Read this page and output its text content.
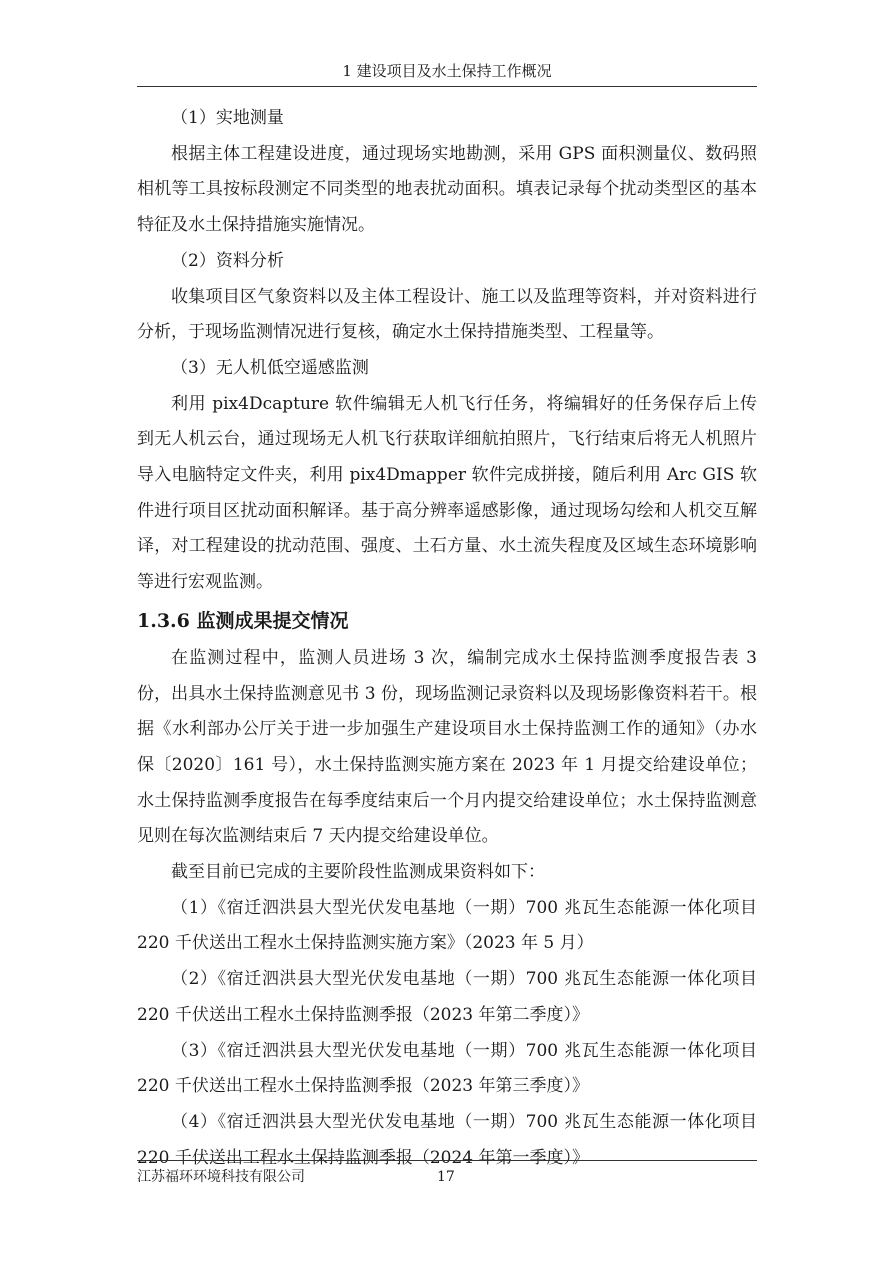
1 建设项目及水土保持工作概况

（1）实地测量

根据主体工程建设进度，通过现场实地勘测，采用 GPS 面积测量仪、数码照相机等工具按标段测定不同类型的地表扰动面积。填表记录每个扰动类型区的基本特征及水土保持措施实施情况。

（2）资料分析

收集项目区气象资料以及主体工程设计、施工以及监理等资料，并对资料进行分析，于现场监测情况进行复核，确定水土保持措施类型、工程量等。

（3）无人机低空遥感监测

利用 pix4Dcapture 软件编辑无人机飞行任务，将编辑好的任务保存后上传到无人机云台，通过现场无人机飞行获取详细航拍照片，飞行结束后将无人机照片导入电脑特定文件夹，利用 pix4Dmapper 软件完成拼接，随后利用 Arc GIS 软件进行项目区扰动面积解译。基于高分辨率遥感影像，通过现场勾绘和人机交互解译，对工程建设的扰动范围、强度、土石方量、水土流失程度及区域生态环境影响等进行宏观监测。

1.3.6 监测成果提交情况

在监测过程中，监测人员进场 3 次，编制完成水土保持监测季度报告表 3 份，出具水土保持监测意见书 3 份，现场监测记录资料以及现场影像资料若干。根据《水利部办公厅关于进一步加强生产建设项目水土保持监测工作的通知》（办水保〔2020〕161 号），水土保持监测实施方案在 2023 年 1 月提交给建设单位；水土保持监测季度报告在每季度结束后一个月内提交给建设单位；水土保持监测意见则在每次监测结束后 7 天内提交给建设单位。

截至目前已完成的主要阶段性监测成果资料如下：

（1）《宿迁泗洪县大型光伏发电基地（一期）700 兆瓦生态能源一体化项目 220 千伏送出工程水土保持监测实施方案》（2023 年 5 月）

（2）《宿迁泗洪县大型光伏发电基地（一期）700 兆瓦生态能源一体化项目 220 千伏送出工程水土保持监测季报（2023 年第二季度）》

（3）《宿迁泗洪县大型光伏发电基地（一期）700 兆瓦生态能源一体化项目 220 千伏送出工程水土保持监测季报（2023 年第三季度）》

（4）《宿迁泗洪县大型光伏发电基地（一期）700 兆瓦生态能源一体化项目 220 千伏送出工程水土保持监测季报（2024 年第一季度）》

江苏福环环境科技有限公司	17
